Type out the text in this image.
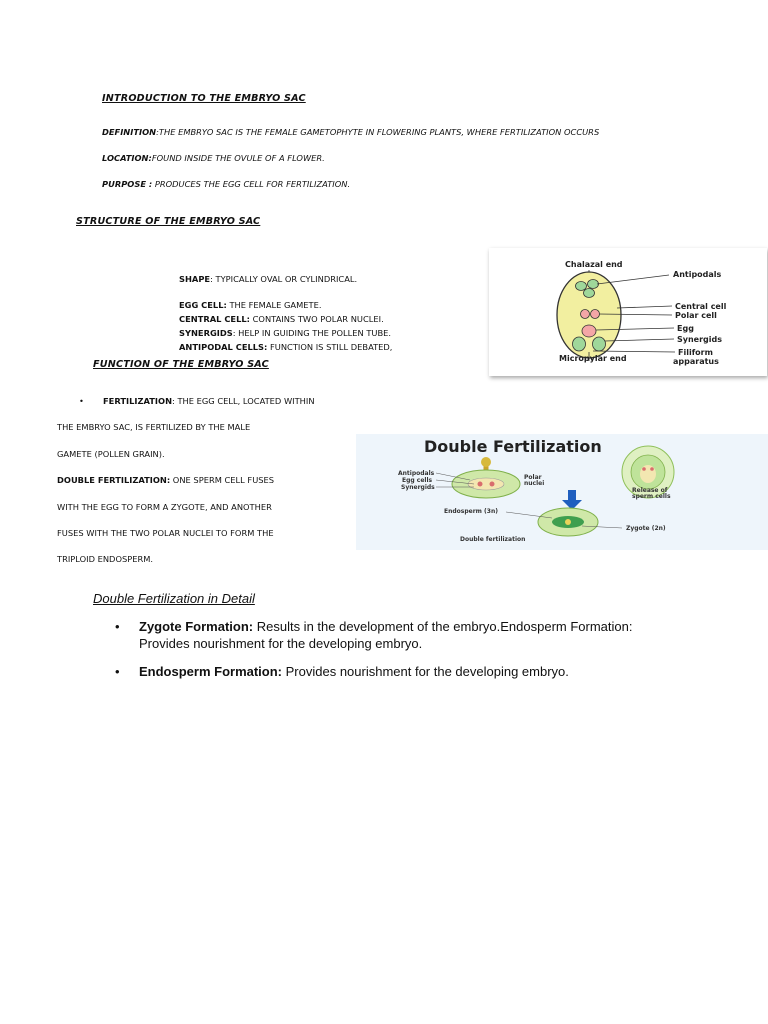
INTRODUCTION TO THE EMBRYO SAC
DEFINITION:THE EMBRYO SAC IS THE FEMALE GAMETOPHYTE IN FLOWERING PLANTS, WHERE FERTILIZATION OCCURS
LOCATION:FOUND INSIDE THE OVULE OF A FLOWER.
PURPOSE : PRODUCES THE EGG CELL FOR FERTILIZATION.
STRUCTURE OF THE EMBRYO SAC
SHAPE: TYPICALLY OVAL OR CYLINDRICAL.
EGG CELL: THE FEMALE GAMETE.
CENTRAL CELL: CONTAINS TWO POLAR NUCLEI.
SYNERGIDS: HELP IN GUIDING THE POLLEN TUBE.
ANTIPODAL CELLS: FUNCTION IS STILL DEBATED,
FUNCTION OF THE EMBRYO SAC
• FERTILIZATION: THE EGG CELL, LOCATED WITHIN
THE EMBRYO SAC, IS FERTILIZED BY THE MALE
GAMETE (POLLEN GRAIN).
DOUBLE FERTILIZATION: ONE SPERM CELL FUSES
WITH THE EGG TO FORM A ZYGOTE, AND ANOTHER
FUSES WITH THE TWO POLAR NUCLEI TO FORM THE
TRIPLOID ENDOSPERM.
Chalazal end
Micropylar end
Antipodals
Central cell
Polar cell
Egg
Synergids
Filiform
apparatus
Double Fertilization
Antipodals
Egg cells
Synergids
Polar
nuclei
Release of
sperm cells
Endosperm (3n)
Zygote (2n)
Double fertilization
Double Fertilization in Detail
• Zygote Formation: Results in the development of the embryo.Endosperm Formation:
Provides nourishment for the developing embryo.
• Endosperm Formation: Provides nourishment for the developing embryo.
